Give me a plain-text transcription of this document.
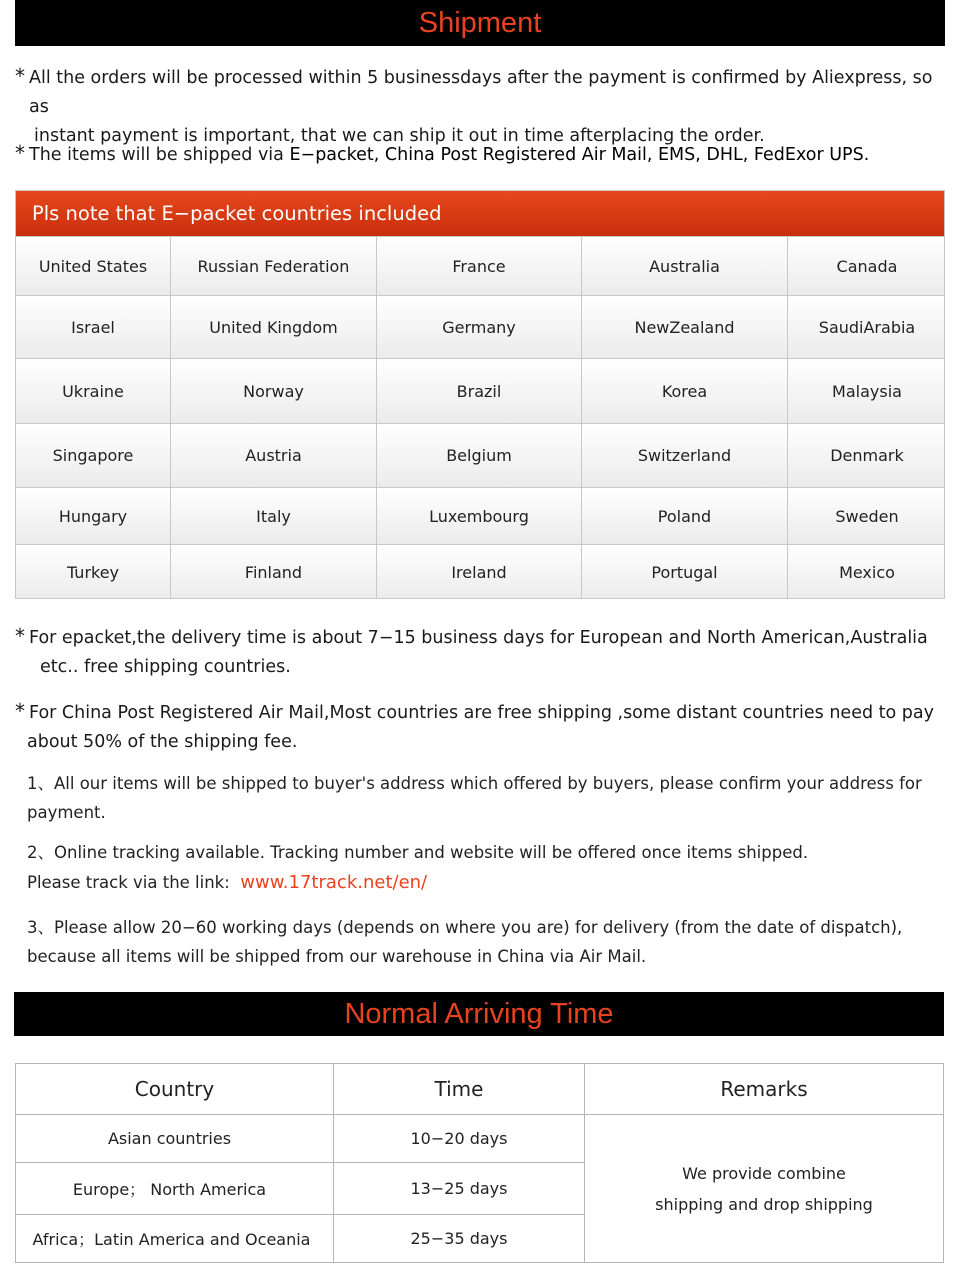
Shipment
* All the orders will be processed within 5 businessdays after the payment is confirmed by Aliexpress, so as
instant payment is important, that we can ship it out in time afterplacing the order.
* The items will be shipped via E−packet, China Post Registered Air Mail, EMS, DHL, FedExor UPS.
Pls note that E−packet countries included
United States	Russian Federation	France	Australia	Canada
Israel	United Kingdom	Germany	NewZealand	SaudiArabia
Ukraine	Norway	Brazil	Korea	Malaysia
Singapore	Austria	Belgium	Switzerland	Denmark
Hungary	Italy	Luxembourg	Poland	Sweden
Turkey	Finland	Ireland	Portugal	Mexico
* For epacket,the delivery time is about 7−15 business days for European and North American,Australia
etc.. free shipping countries.
* For China Post Registered Air Mail,Most countries are free shipping ,some distant countries need to pay
about 50% of the shipping fee.
1、All our items will be shipped to buyer's address which offered by buyers, please confirm your address for
payment.
2、Online tracking available. Tracking number and website will be offered once items shipped.
Please track via the link: www.17track.net/en/
3、Please allow 20−60 working days (depends on where you are) for delivery (from the date of dispatch),
because all items will be shipped from our warehouse in China via Air Mail.
Normal Arriving Time
Country	Time	Remarks
Asian countries	10−20 days
Europe； North America	13−25 days
Africa；Latin America and Oceania	25−35 days
We provide combine
shipping and drop shipping
